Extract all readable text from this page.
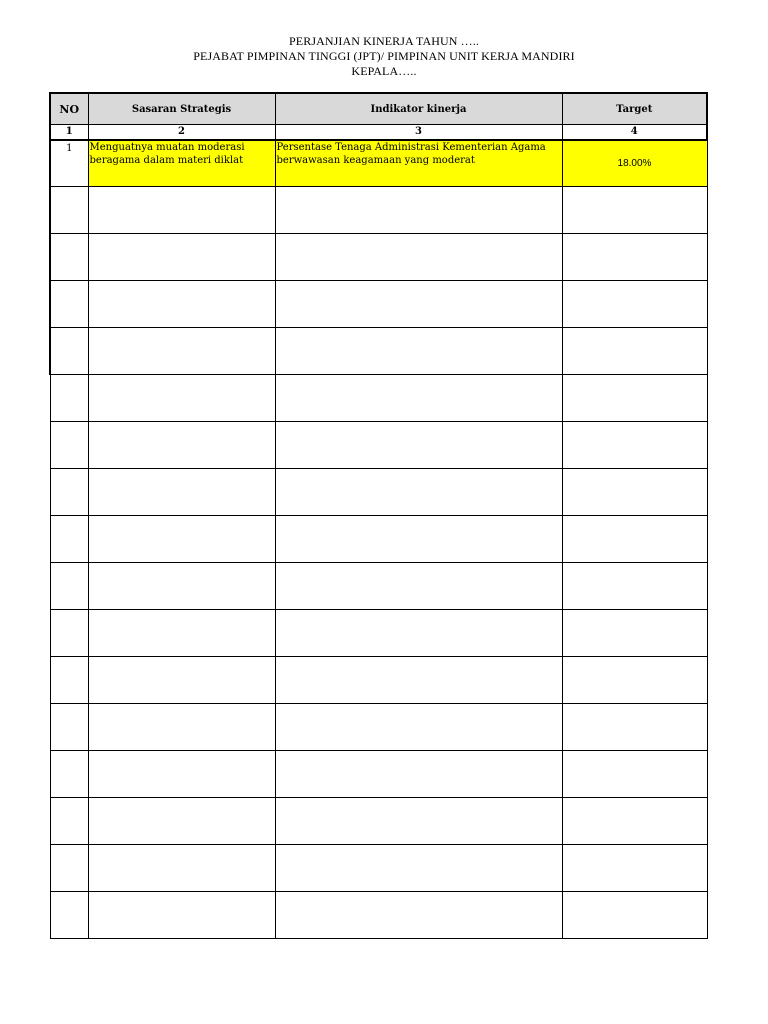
PERJANJIAN KINERJA TAHUN …..
PEJABAT PIMPINAN TINGGI (JPT)/ PIMPINAN UNIT KERJA MANDIRI
KEPALA…..
NO	Sasaran Strategis	Indikator kinerja	Target
1	2	3	4
1	Menguatnya muatan moderasi beragama dalam materi diklat	Persentase Tenaga Administrasi Kementerian Agama berwawasan keagamaan yang moderat	18.00%
